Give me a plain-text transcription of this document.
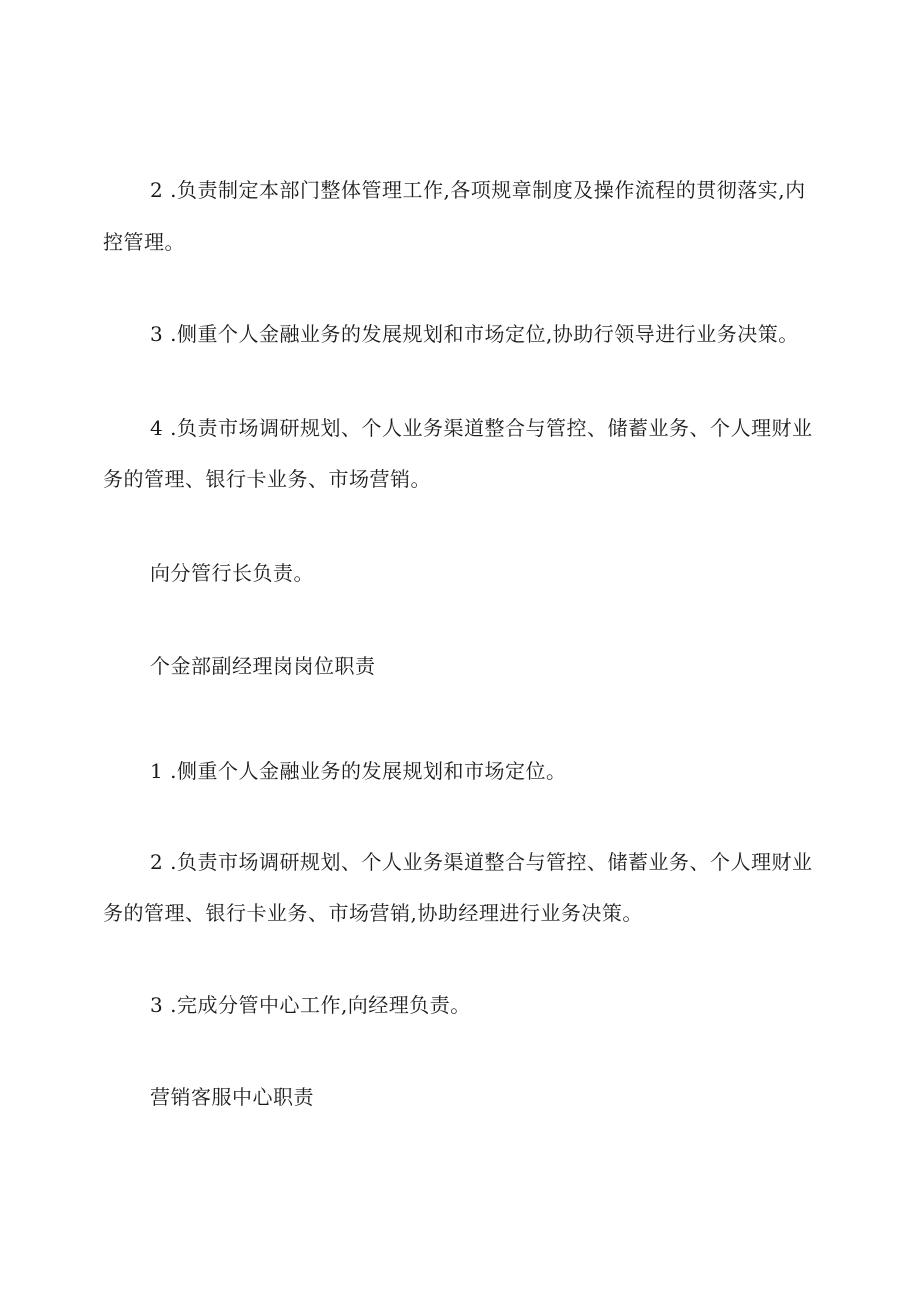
2 .负责制定本部门整体管理工作,各项规章制度及操作流程的贯彻落实,内
控管理。
3 .侧重个人金融业务的发展规划和市场定位,协助行领导进行业务决策。
4 .负责市场调研规划、个人业务渠道整合与管控、储蓄业务、个人理财业
务的管理、银行卡业务、市场营销。
向分管行长负责。
个金部副经理岗岗位职责
1 .侧重个人金融业务的发展规划和市场定位。
2 .负责市场调研规划、个人业务渠道整合与管控、储蓄业务、个人理财业
务的管理、银行卡业务、市场营销,协助经理进行业务决策。
3 .完成分管中心工作,向经理负责。
营销客服中心职责
